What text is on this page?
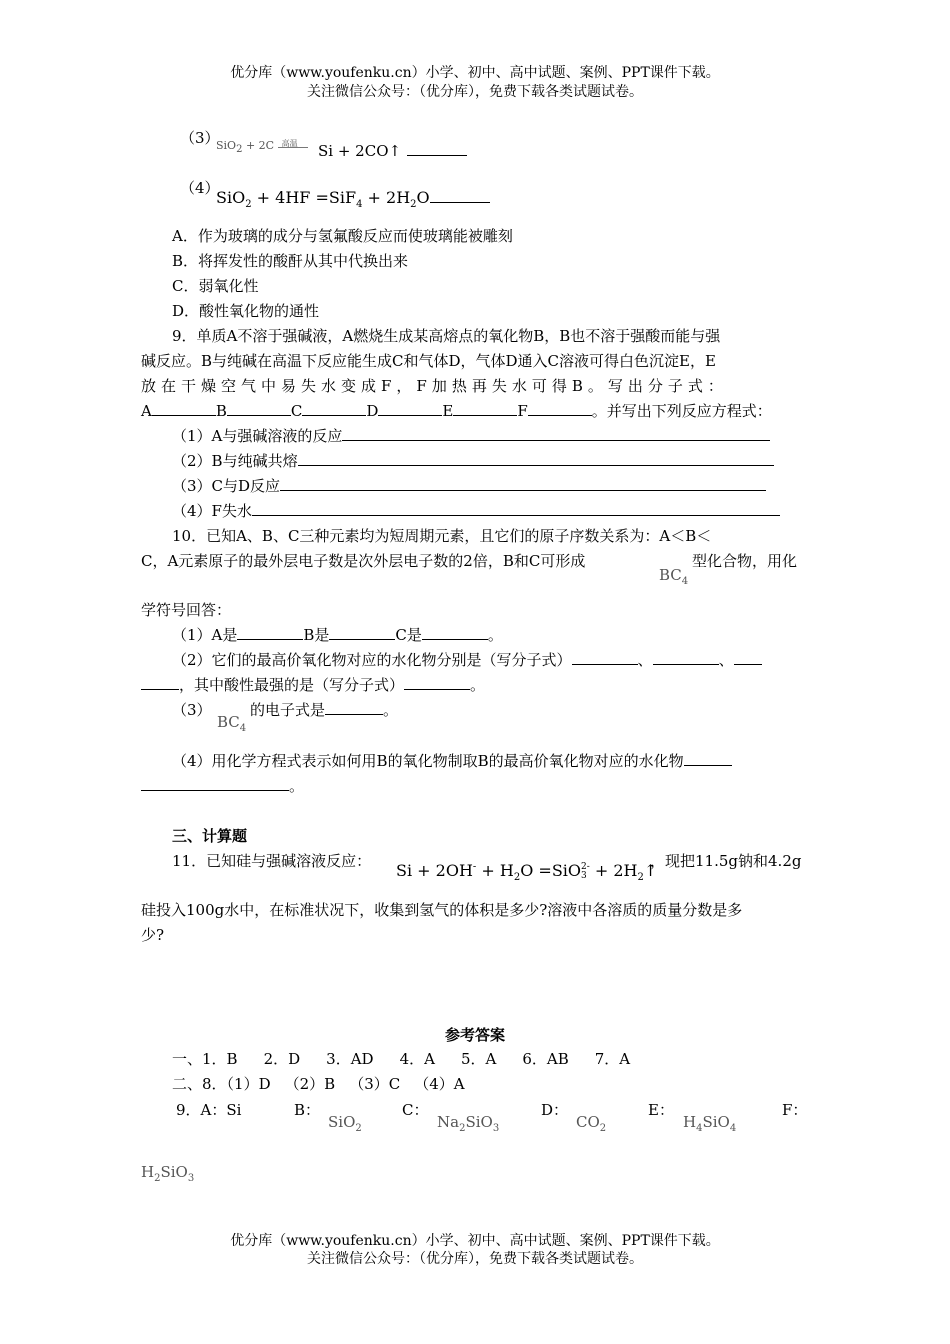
优分库（www.youfenku.cn）小学、初中、高中试题、案例、PPT课件下载。
关注微信公众号：（优分库），免费下载各类试题试卷。
（3）
SiO$_2$ + 2C 高温 Si + 2CO↑
（4）
$SiO_2 + 4HF =SiF_4 + 2H_2O$
A．作为玻璃的成分与氢氟酸反应而使玻璃能被雕刻
B．将挥发性的酸酐从其中代换出来
C．弱氧化性
D．酸性氧化物的通性
9．单质A不溶于强碱液，A燃烧生成某高熔点的氧化物B，B也不溶于强酸而能与强
碱反应。B与纯碱在高温下反应能生成C和气体D，气体D通入C溶液可得白色沉淀E，E
放在干燥空气中易失水变成F，F加热再失水可得B。写出分子式：
A	B	C	D	E	F	。并写出下列反应方程式：
（1）A与强碱溶液的反应
（2）B与纯碱共熔
（3）C与D反应
（4）F失水
10．已知A、B、C三种元素均为短周期元素，且它们的原子序数关系为：A＜B＜
C，A元素原子的最外层电子数是次外层电子数的2倍，B和C可形成
$BC_4$
型化合物，用化
学符号回答：
（1）A是	B是	C是	。
（2）它们的最高价氧化物对应的水化物分别是（写分子式）	、	、
，其中酸性最强的是（写分子式）	。
（3）
$BC_4$
的电子式是	。
（4）用化学方程式表示如何用B的氧化物制取B的最高价氧化物对应的水化物
。
三、计算题
11．已知硅与强碱溶液反应： $Si + 2OH^- + H_2O =SiO$ 2-
$3 + 2H_2↑$
，现把11.5g钠和4.2g
硅投入100g水中，在标准状况下，收集到氢气的体积是多少?溶液中各溶质的质量分数是多
少?
参考答案
一、1．B 2．D 3．AD 4．A 5．A 6．AB 7．A
二、8．（1）D （2）B （3）C （4）A
9．A：Si	B：
SiO$_2$
C：
$Na_2SiO_3$
D：
$CO_2$
E：
$H_4SiO_4$
F：
$H_2SiO_3$
优分库（www.youfenku.cn）小学、初中、高中试题、案例、PPT课件下载。
关注微信公众号：（优分库），免费下载各类试题试卷。
